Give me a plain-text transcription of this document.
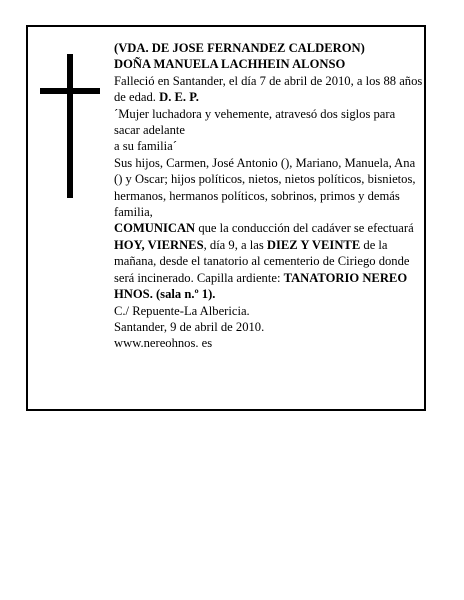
(VDA. DE JOSE FERNANDEZ CALDERON)

DOÑA MANUELA LACHHEIN ALONSO

Falleció en Santander, el día 7 de abril de 2010, a los 88 años de edad. D. E. P.

´Mujer luchadora y vehemente, atravesó dos siglos para sacar adelante

a su familia´

Sus hijos, Carmen, José Antonio (), Mariano, Manuela, Ana () y Oscar; hijos políticos, nietos, nietos políticos, bisnietos, hermanos, hermanos políticos, sobrinos, primos y demás familia,

COMUNICAN que la conducción del cadáver se efectuará HOY, VIERNES, día 9, a las DIEZ Y VEINTE de la mañana, desde el tanatorio al cementerio de Ciriego donde será incinerado. Capilla ardiente: TANATORIO NEREO HNOS. (sala n.º 1).

C./ Repuente-La Albericia.

Santander, 9 de abril de 2010.

www.nereohnos. es
